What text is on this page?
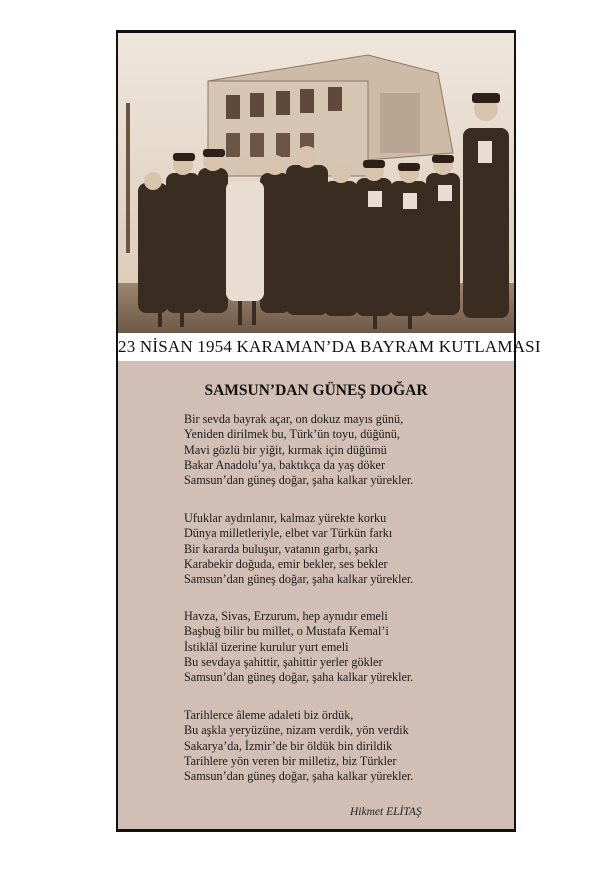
23 NİSAN 1954 KARAMAN’DA BAYRAM KUTLAMASI
SAMSUN’DAN GÜNEŞ DOĞAR
Bir sevda bayrak açar, on dokuz mayıs günü,
Yeniden dirilmek bu, Türk’ün toyu, düğünü,
Mavi gözlü bir yiğit, kırmak için düğümü
Bakar Anadolu’ya, baktıkça da yaş döker
Samsun’dan güneş doğar, şaha kalkar yürekler.
Ufuklar aydınlanır, kalmaz yürekte korku
Dünya milletleriyle, elbet var Türkün farkı
Bir kararda buluşur, vatanın garbı, şarkı
Karabekir doğuda, emir bekler, ses bekler
Samsun’dan güneş doğar, şaha kalkar yürekler.
Havza, Sivas, Erzurum, hep aynıdır emeli
Başbuğ bilir bu millet, o Mustafa Kemal’i
İstiklâl üzerine kurulur yurt emeli
Bu sevdaya şahittir, şahittir yerler gökler
Samsun’dan güneş doğar, şaha kalkar yürekler.
Tarihlerce âleme adaleti biz ördük,
Bu aşkla yeryüzüne, nizam verdik, yön verdik
Sakarya’da, İzmir’de bir öldük bin dirildik
Tarihlere yön veren bir milletiz, biz Türkler
Samsun’dan güneş doğar, şaha kalkar yürekler.
Hikmet ELİTAŞ
